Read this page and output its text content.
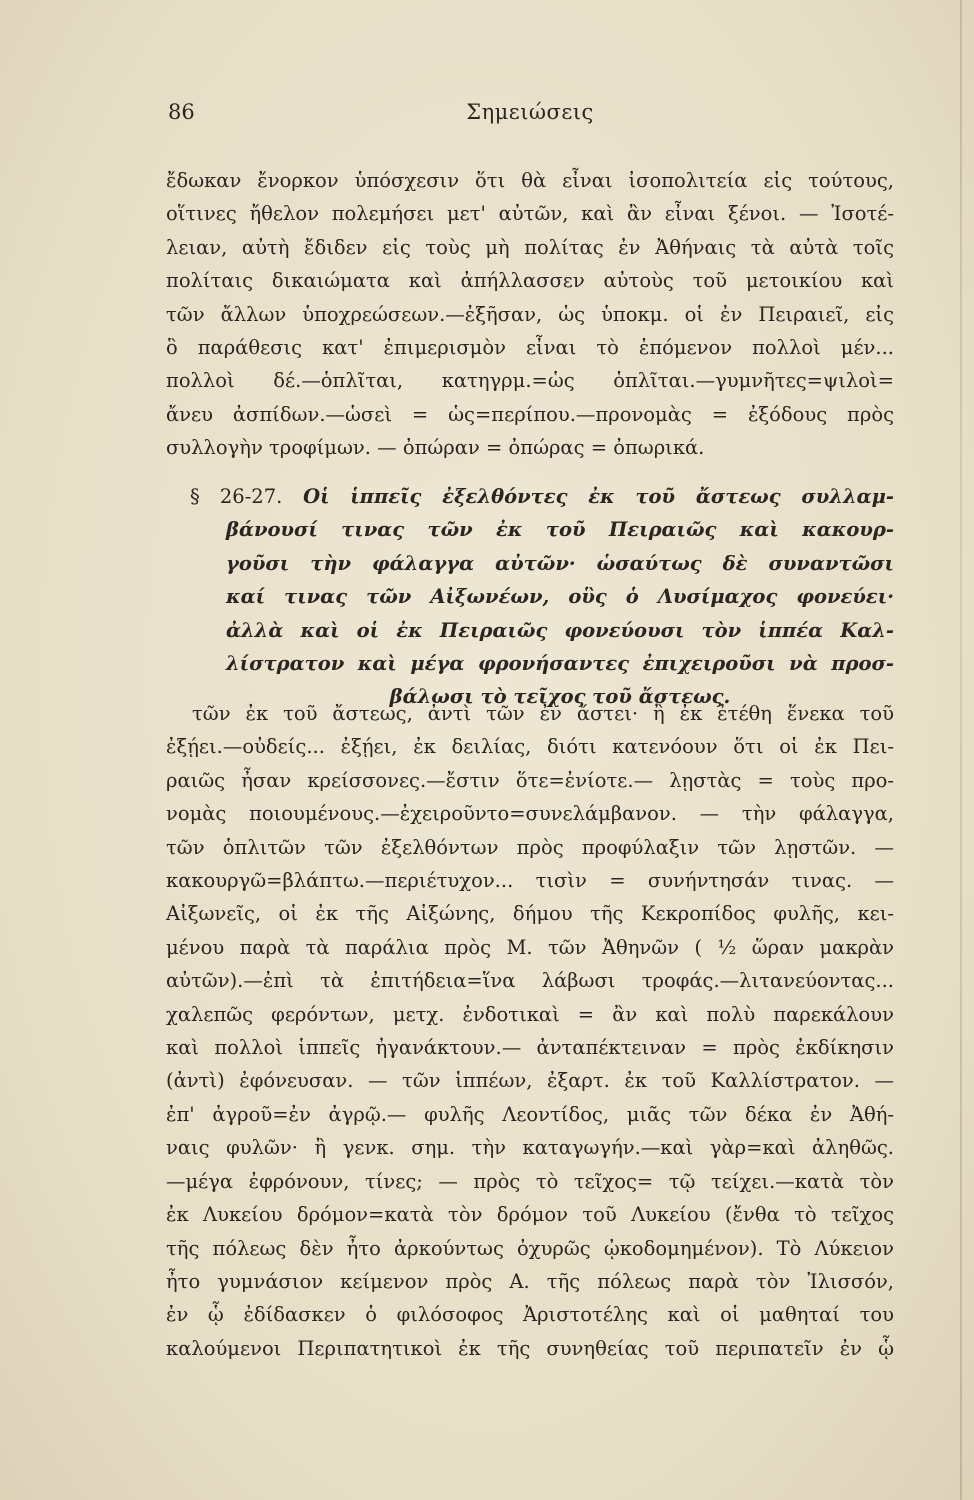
86	Σημειώσεις
ἔδωκαν ἔνορκον ὑπόσχεσιν ὅτι θὰ εἶναι ἰσοπολιτεία εἰς τούτους,
οἵτινες ἤθελον πολεμήσει μετ' αὐτῶν, καὶ ἂν εἶναι ξένοι. — Ἰσοτέ-
λειαν, αὐτὴ ἔδιδεν εἰς τοὺς μὴ πολίτας ἐν Ἀθήναις τὰ αὐτὰ τοῖς
πολίταις δικαιώματα καὶ ἀπήλλασσεν αὐτοὺς τοῦ μετοικίου καὶ
τῶν ἄλλων ὑποχρεώσεων.—ἐξῆσαν, ὡς ὑποκμ. οἱ ἐν Πειραιεῖ, εἰς
ὃ παράθεσις κατ' ἐπιμερισμὸν εἶναι τὸ ἑπόμενον πολλοὶ μέν...
πολλοὶ δέ.—ὁπλῖται, κατηγρμ.=ὡς ὁπλῖται.—γυμνῆτες=ψιλοὶ=
ἄνευ ἀσπίδων.—ὡσεὶ = ὡς=περίπου.—προνομὰς = ἐξόδους πρὸς
συλλογὴν τροφίμων. — ὀπώραν = ὀπώρας = ὀπωρικά.
§ 26-27. Οἱ ἱππεῖς ἐξελθόντες ἐκ τοῦ ἄστεως συλλαμ-
βάνουσί τινας τῶν ἐκ τοῦ Πειραιῶς καὶ κακουρ-
γοῦσι τὴν φάλαγγα αὐτῶν· ὡσαύτως δὲ συναντῶσι
καί τινας τῶν Αἰξωνέων, οὓς ὁ Λυσίμαχος φονεύει·
ἀλλὰ καὶ οἱ ἐκ Πειραιῶς φονεύουσι τὸν ἱππέα Καλ-
λίστρατον καὶ μέγα φρονήσαντες ἐπιχειροῦσι νὰ προσ-
βάλωσι τὸ τεῖχος τοῦ ἄστεως.
τῶν ἐκ τοῦ ἄστεως, ἀντὶ τῶν ἐν ἄστει· ἢ ἐκ ἐτέθη ἕνεκα τοῦ
ἐξῄει.—οὐδείς... ἐξῄει, ἐκ δειλίας, διότι κατενόουν ὅτι οἱ ἐκ Πει-
ραιῶς ἦσαν κρείσσονες.—ἔστιν ὅτε=ἐνίοτε.— λῃστὰς = τοὺς προ-
νομὰς ποιουμένους.—ἐχειροῦντο=συνελάμβανον. — τὴν φάλαγγα,
τῶν ὁπλιτῶν τῶν ἐξελθόντων πρὸς προφύλαξιν τῶν λῃστῶν. —
κακουργῶ=βλάπτω.—περιέτυχον... τισὶν = συνήντησάν τινας. —
Αἰξωνεῖς, οἱ ἐκ τῆς Αἰξώνης, δήμου τῆς Κεκροπίδος φυλῆς, κει-
μένου παρὰ τὰ παράλια πρὸς Μ. τῶν Ἀθηνῶν ( ½ ὥραν μακρὰν
αὐτῶν).—ἐπὶ τὰ ἐπιτήδεια=ἵνα λάβωσι τροφάς.—λιτανεύοντας...
χαλεπῶς φερόντων, μετχ. ἐνδοτικαὶ = ἂν καὶ πολὺ παρεκάλουν
καὶ πολλοὶ ἱππεῖς ἠγανάκτουν.— ἀνταπέκτειναν = πρὸς ἐκδίκησιν
(ἀντὶ) ἐφόνευσαν. — τῶν ἱππέων, ἐξαρτ. ἐκ τοῦ Καλλίστρατον. —
ἐπ' ἀγροῦ=ἐν ἀγρῷ.— φυλῆς Λεοντίδος, μιᾶς τῶν δέκα ἐν Ἀθή-
ναις φυλῶν· ἢ γενκ. σημ. τὴν καταγωγήν.—καὶ γὰρ=καὶ ἀληθῶς.
—μέγα ἐφρόνουν, τίνες; — πρὸς τὸ τεῖχος= τῷ τείχει.—κατὰ τὸν
ἐκ Λυκείου δρόμον=κατὰ τὸν δρόμον τοῦ Λυκείου (ἔνθα τὸ τεῖχος
τῆς πόλεως δὲν ἦτο ἀρκούντως ὀχυρῶς ᾠκοδομημένον). Τὸ Λύκειον
ἦτο γυμνάσιον κείμενον πρὸς Α. τῆς πόλεως παρὰ τὸν Ἰλισσόν,
ἐν ᾧ ἐδίδασκεν ὁ φιλόσοφος Ἀριστοτέλης καὶ οἱ μαθηταί του
καλούμενοι Περιπατητικοὶ ἐκ τῆς συνηθείας τοῦ περιπατεῖν ἐν ᾧ
